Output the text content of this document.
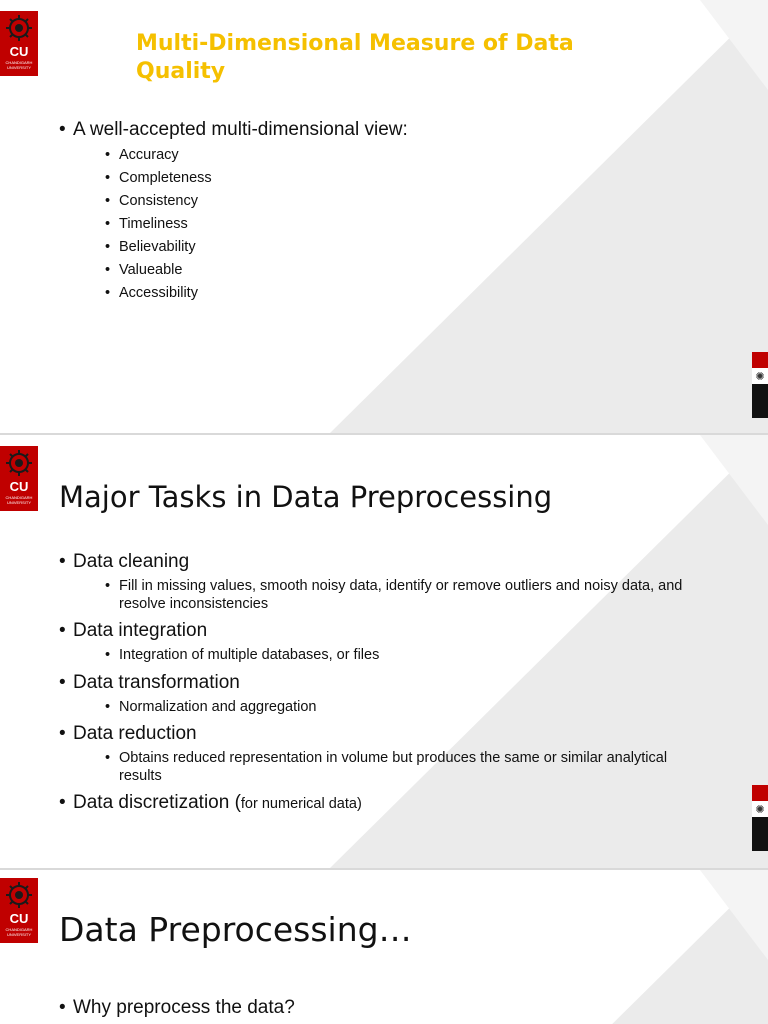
CU
CHANDIGARH
UNIVERSITY
Multi-Dimensional Measure of Data Quality
• A well-accepted multi-dimensional view:
• Accuracy
• Completeness
• Consistency
• Timeliness
• Believability
• Valueable
• Accessibility
✺
CU
CHANDIGARH
UNIVERSITY Major Tasks in Data Preprocessing
• Data cleaning
• Fill in missing values, smooth noisy data, identify or remove outliers and noisy data, and resolve inconsistencies
• Data integration
• Integration of multiple databases, or files
• Data transformation
• Normalization and aggregation
• Data reduction
• Obtains reduced representation in volume but produces the same or similar analytical results
• Data discretization (for numerical data)	✺
CU
CHANDIGARH
UNIVERSITY Data Preprocessing…
• Why preprocess the data?
